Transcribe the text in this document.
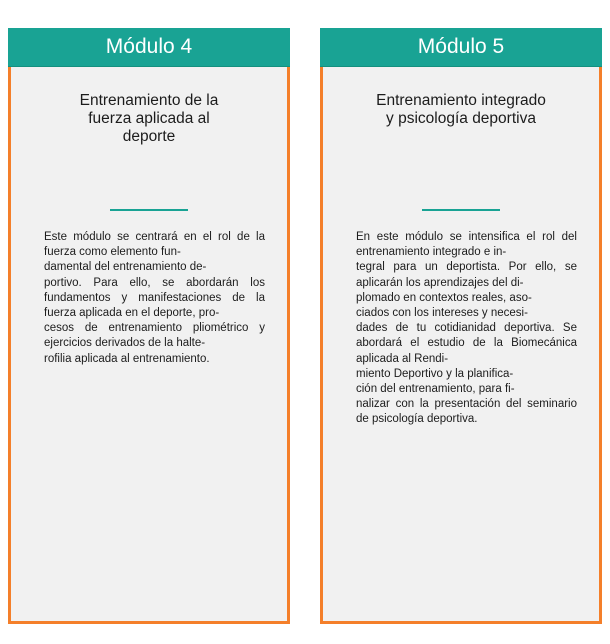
Módulo 4
Entrenamiento de la
fuerza aplicada al
deporte
Este módulo se centrará en el rol de la fuerza como elemento fun-
damental del entrenamiento de-
portivo. Para ello, se abordarán los fundamentos y manifestaciones de la fuerza aplicada en el deporte, pro-
cesos de entrenamiento pliométrico y ejercicios derivados de la halte-
rofilia aplicada al entrenamiento.
Módulo 5
Entrenamiento integrado
y psicología deportiva
En este módulo se intensifica el rol del entrenamiento integrado e in-
tegral para un deportista. Por ello, se aplicarán los aprendizajes del di-
plomado en contextos reales, aso-
ciados con los intereses y necesi-
dades de tu cotidianidad deportiva. Se abordará el estudio de la Biomecánica aplicada al Rendi-
miento Deportivo y la planifica-
ción del entrenamiento, para fi-
nalizar con la presentación del seminario de psicología deportiva.
